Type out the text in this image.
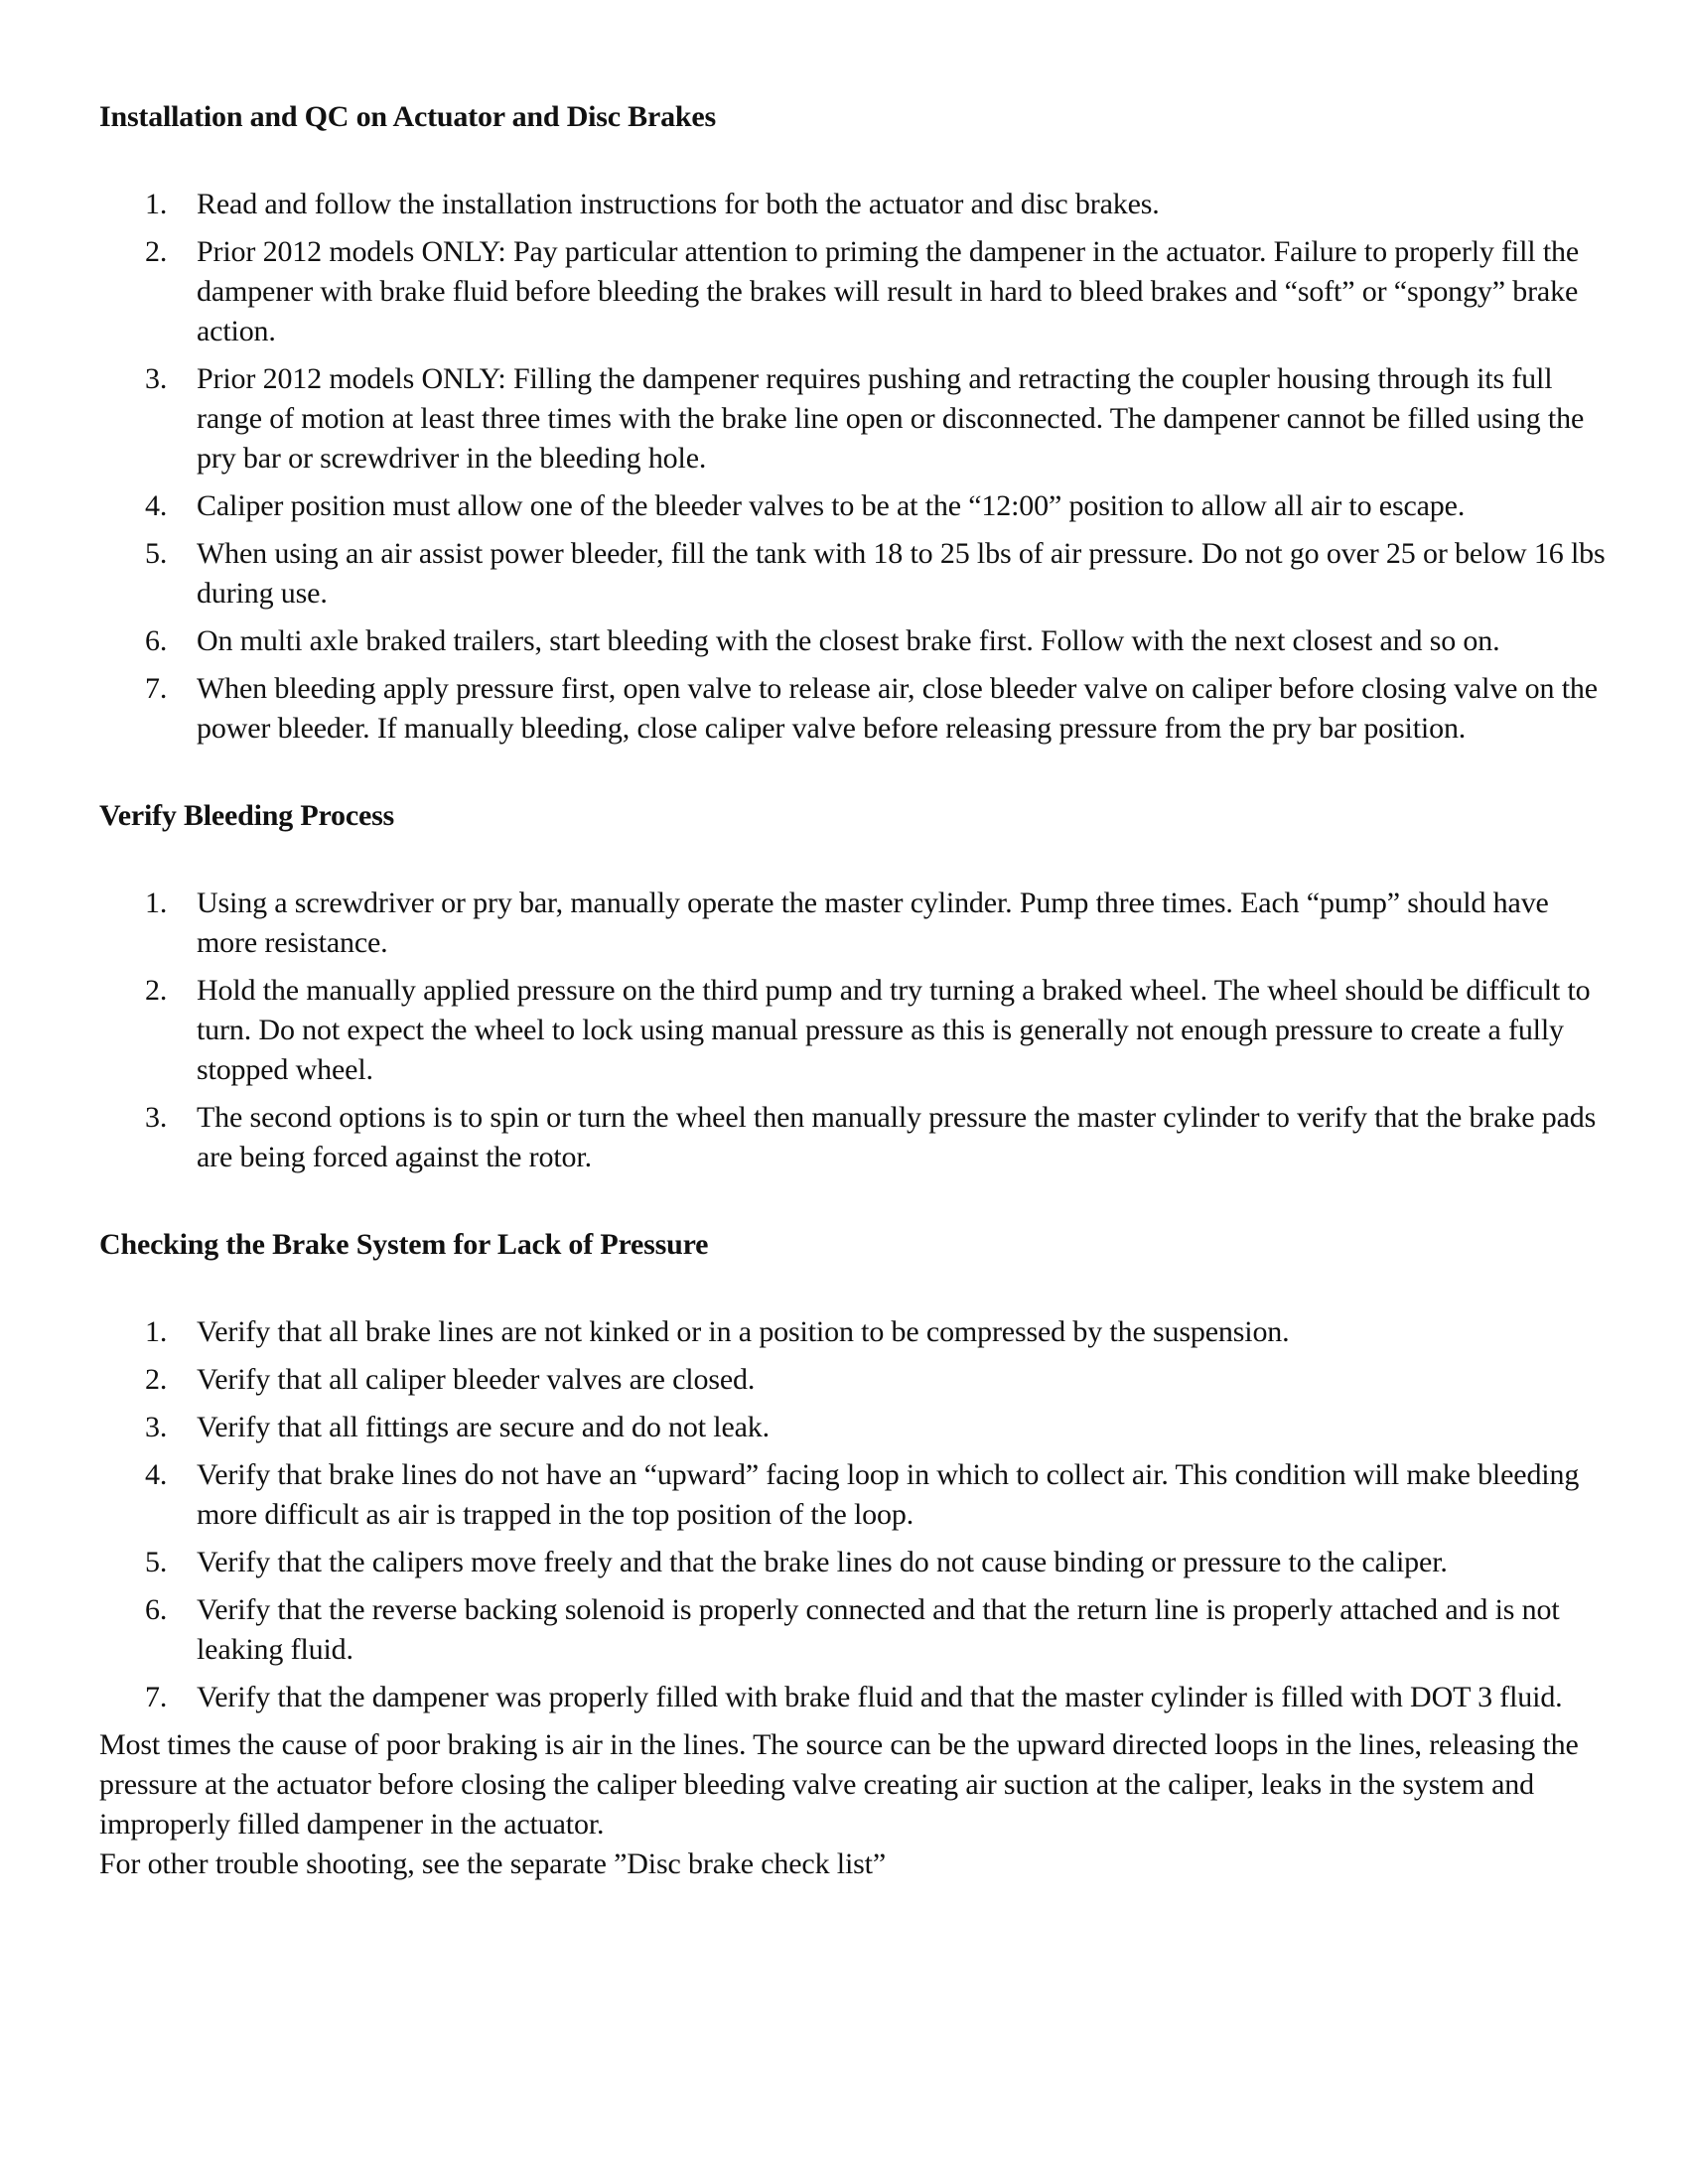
Installation and QC on Actuator and Disc Brakes
1. Read and follow the installation instructions for both the actuator and disc brakes.
2. Prior 2012 models ONLY: Pay particular attention to priming the dampener in the actuator. Failure to properly fill the dampener with brake fluid before bleeding the brakes will result in hard to bleed brakes and “soft” or “spongy” brake action.
3. Prior 2012 models ONLY: Filling the dampener requires pushing and retracting the coupler housing through its full range of motion at least three times with the brake line open or disconnected. The dampener cannot be filled using the pry bar or screwdriver in the bleeding hole.
4. Caliper position must allow one of the bleeder valves to be at the “12:00” position to allow all air to escape.
5. When using an air assist power bleeder, fill the tank with 18 to 25 lbs of air pressure. Do not go over 25 or below 16 lbs during use.
6. On multi axle braked trailers, start bleeding with the closest brake first. Follow with the next closest and so on.
7. When bleeding apply pressure first, open valve to release air, close bleeder valve on caliper before closing valve on the power bleeder. If manually bleeding, close caliper valve before releasing pressure from the pry bar position.
Verify Bleeding Process
1. Using a screwdriver or pry bar, manually operate the master cylinder. Pump three times. Each “pump” should have more resistance.
2. Hold the manually applied pressure on the third pump and try turning a braked wheel. The wheel should be difficult to turn. Do not expect the wheel to lock using manual pressure as this is generally not enough pressure to create a fully stopped wheel.
3. The second options is to spin or turn the wheel then manually pressure the master cylinder to verify that the brake pads are being forced against the rotor.
Checking the Brake System for Lack of Pressure
1. Verify that all brake lines are not kinked or in a position to be compressed by the suspension.
2. Verify that all caliper bleeder valves are closed.
3. Verify that all fittings are secure and do not leak.
4. Verify that brake lines do not have an “upward” facing loop in which to collect air. This condition will make bleeding more difficult as air is trapped in the top position of the loop.
5. Verify that the calipers move freely and that the brake lines do not cause binding or pressure to the caliper.
6. Verify that the reverse backing solenoid is properly connected and that the return line is properly attached and is not leaking fluid.
7. Verify that the dampener was properly filled with brake fluid and that the master cylinder is filled with DOT 3 fluid.

Most times the cause of poor braking is air in the lines. The source can be the upward directed loops in the lines, releasing the pressure at the actuator before closing the caliper bleeding valve creating air suction at the caliper, leaks in the system and improperly filled dampener in the actuator.

For other trouble shooting, see the separate ”Disc brake check list”
